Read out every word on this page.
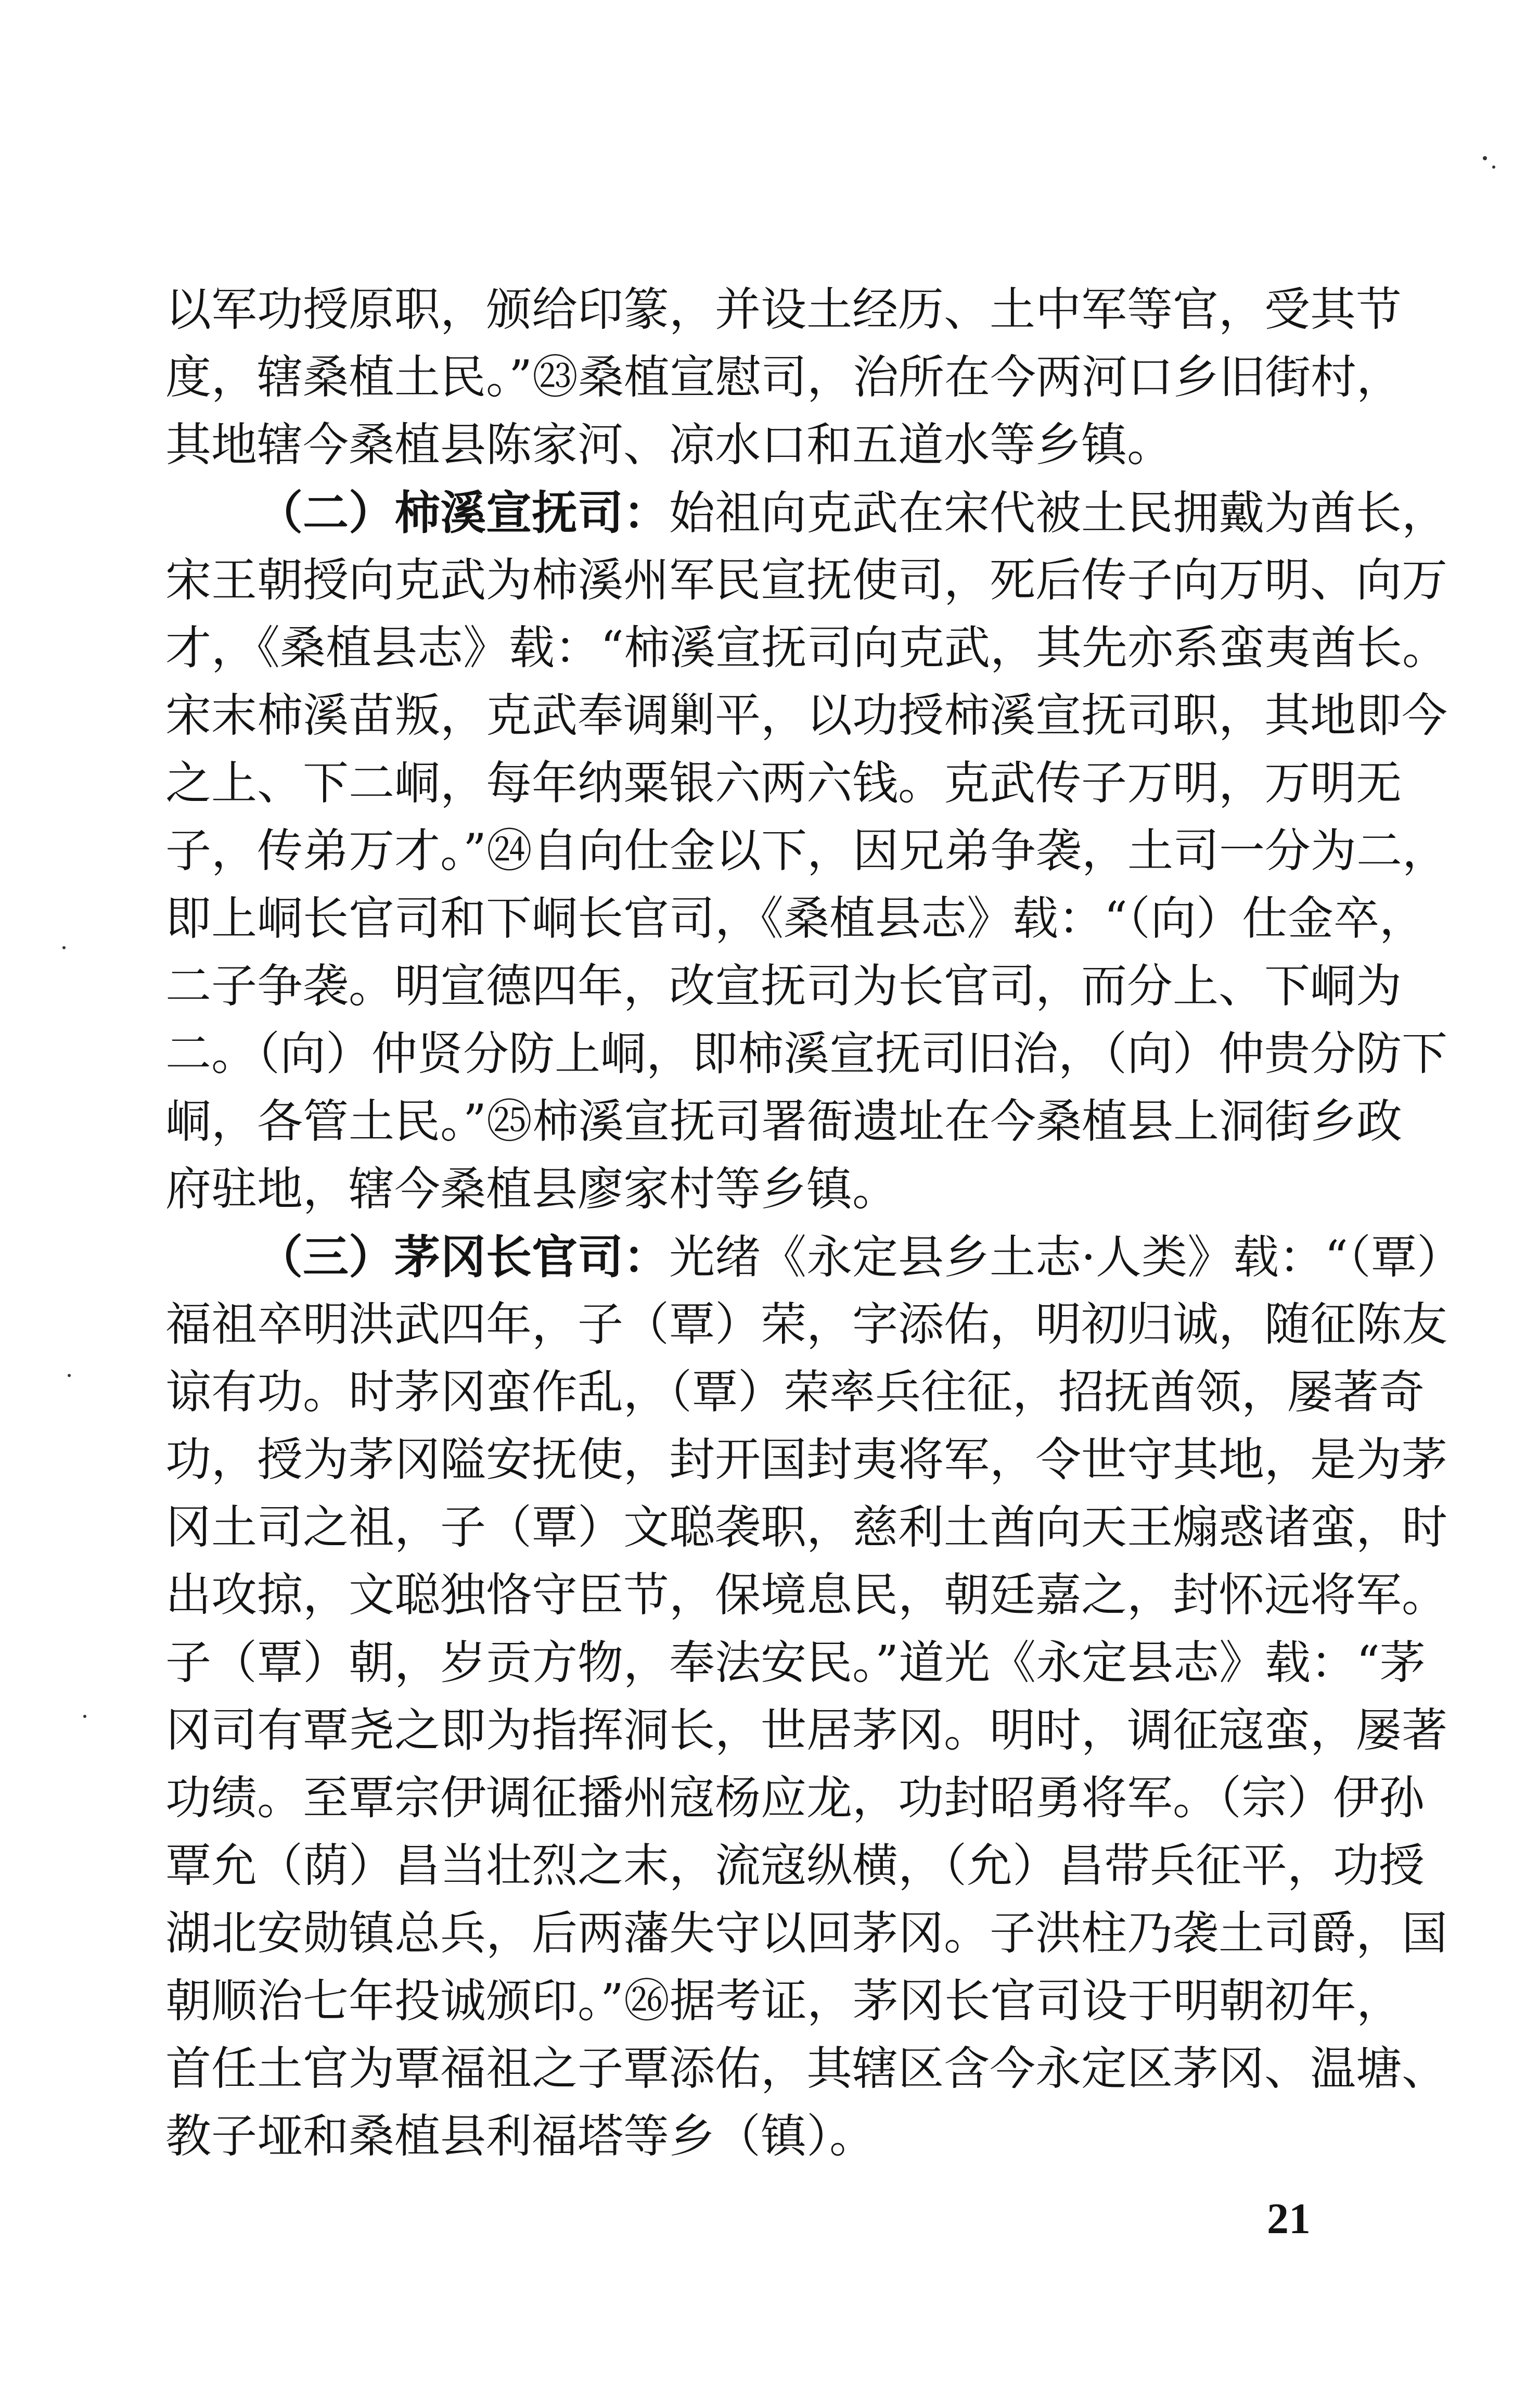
以军功授原职，颁给印篆，并设土经历、土中军等官，受其节
度，辖桑植土民。”㉓桑植宣慰司，治所在今两河口乡旧街村，
其地辖今桑植县陈家河、凉水口和五道水等乡镇。
（二）柿溪宣抚司：始祖向克武在宋代被土民拥戴为酋长，
宋王朝授向克武为柿溪州军民宣抚使司，死后传子向万明、向万
才，《桑植县志》载：“柿溪宣抚司向克武，其先亦系蛮夷酋长。
宋末柿溪苗叛，克武奉调剿平，以功授柿溪宣抚司职，其地即今
之上、下二峒，每年纳粟银六两六钱。克武传子万明，万明无
子，传弟万才。”㉔自向仕金以下，因兄弟争袭，土司一分为二，
即上峒长官司和下峒长官司，《桑植县志》载：“（向）仕金卒，
二子争袭。明宣德四年，改宣抚司为长官司，而分上、下峒为
二。（向）仲贤分防上峒，即柿溪宣抚司旧治，（向）仲贵分防下
峒，各管土民。”㉕柿溪宣抚司署衙遗址在今桑植县上洞街乡政
府驻地，辖今桑植县廖家村等乡镇。
（三）茅冈长官司：光绪《永定县乡土志·人类》载：“（覃）
福祖卒明洪武四年，子（覃）荣，字添佑，明初归诚，随征陈友
谅有功。时茅冈蛮作乱，（覃）荣率兵往征，招抚酋领，屡著奇
功，授为茅冈隘安抚使，封开国封夷将军，令世守其地，是为茅
冈土司之祖，子（覃）文聪袭职，慈利土酋向天王煽惑诸蛮，时
出攻掠，文聪独恪守臣节，保境息民，朝廷嘉之，封怀远将军。
子（覃）朝，岁贡方物，奉法安民。”道光《永定县志》载：“茅
冈司有覃尧之即为指挥洞长，世居茅冈。明时，调征寇蛮，屡著
功绩。至覃宗伊调征播州寇杨应龙，功封昭勇将军。（宗）伊孙
覃允（荫）昌当壮烈之末，流寇纵横，（允）昌带兵征平，功授
湖北安勋镇总兵，后两藩失守以回茅冈。子洪柱乃袭土司爵，国
朝顺治七年投诚颁印。”㉖据考证，茅冈长官司设于明朝初年，
首任土官为覃福祖之子覃添佑，其辖区含今永定区茅冈、温塘、
教子垭和桑植县利福塔等乡（镇）。
21
